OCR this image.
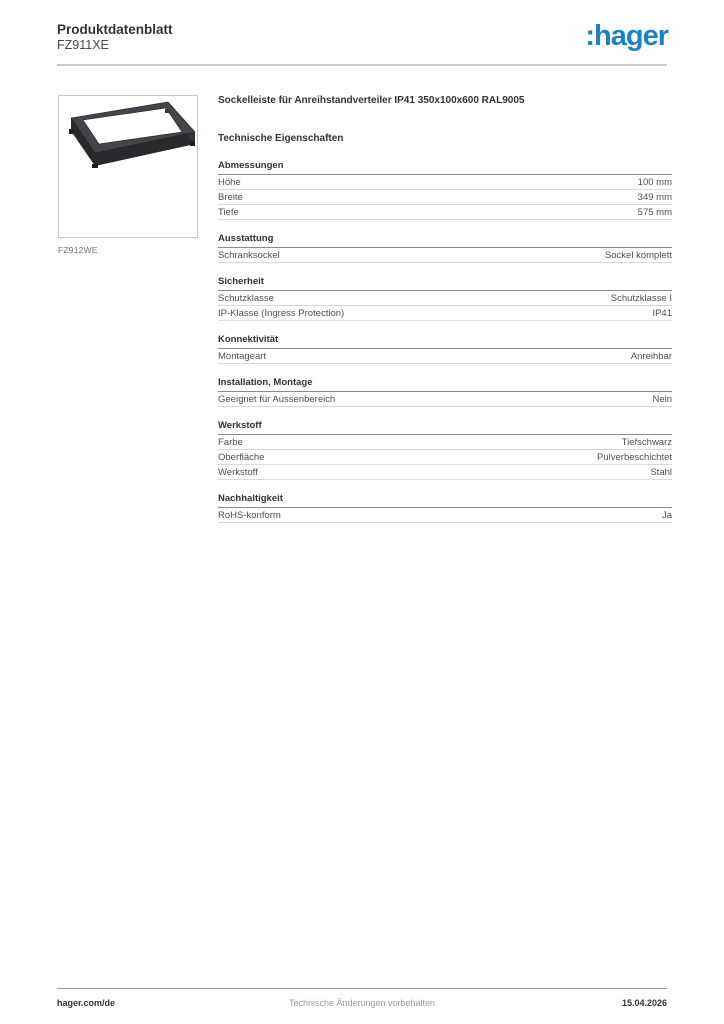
Produktdatenblatt
FZ911XE	:hager
FZ912WE
Sockelleiste für Anreihstandverteiler IP41 350x100x600 RAL9005
Technische Eigenschaften
Abmessungen
Höhe	100 mm
Breite	349 mm
Tiefe	575 mm
Ausstattung
Schranksockel	Sockel komplett
Sicherheit
Schutzklasse	Schutzklasse I
IP-Klasse (Ingress Protection)	IP41
Konnektivität
Montageart	Anreihbar
Installation, Montage
Geeignet für Aussenbereich	Nein
Werkstoff
Farbe	Tiefschwarz
Oberfläche	Pulverbeschichtet
Werkstoff	Stahl
Nachhaltigkeit
RoHS-konform	Ja
hager.com/de	Technische Änderungen vorbehalten	15.04.2026
